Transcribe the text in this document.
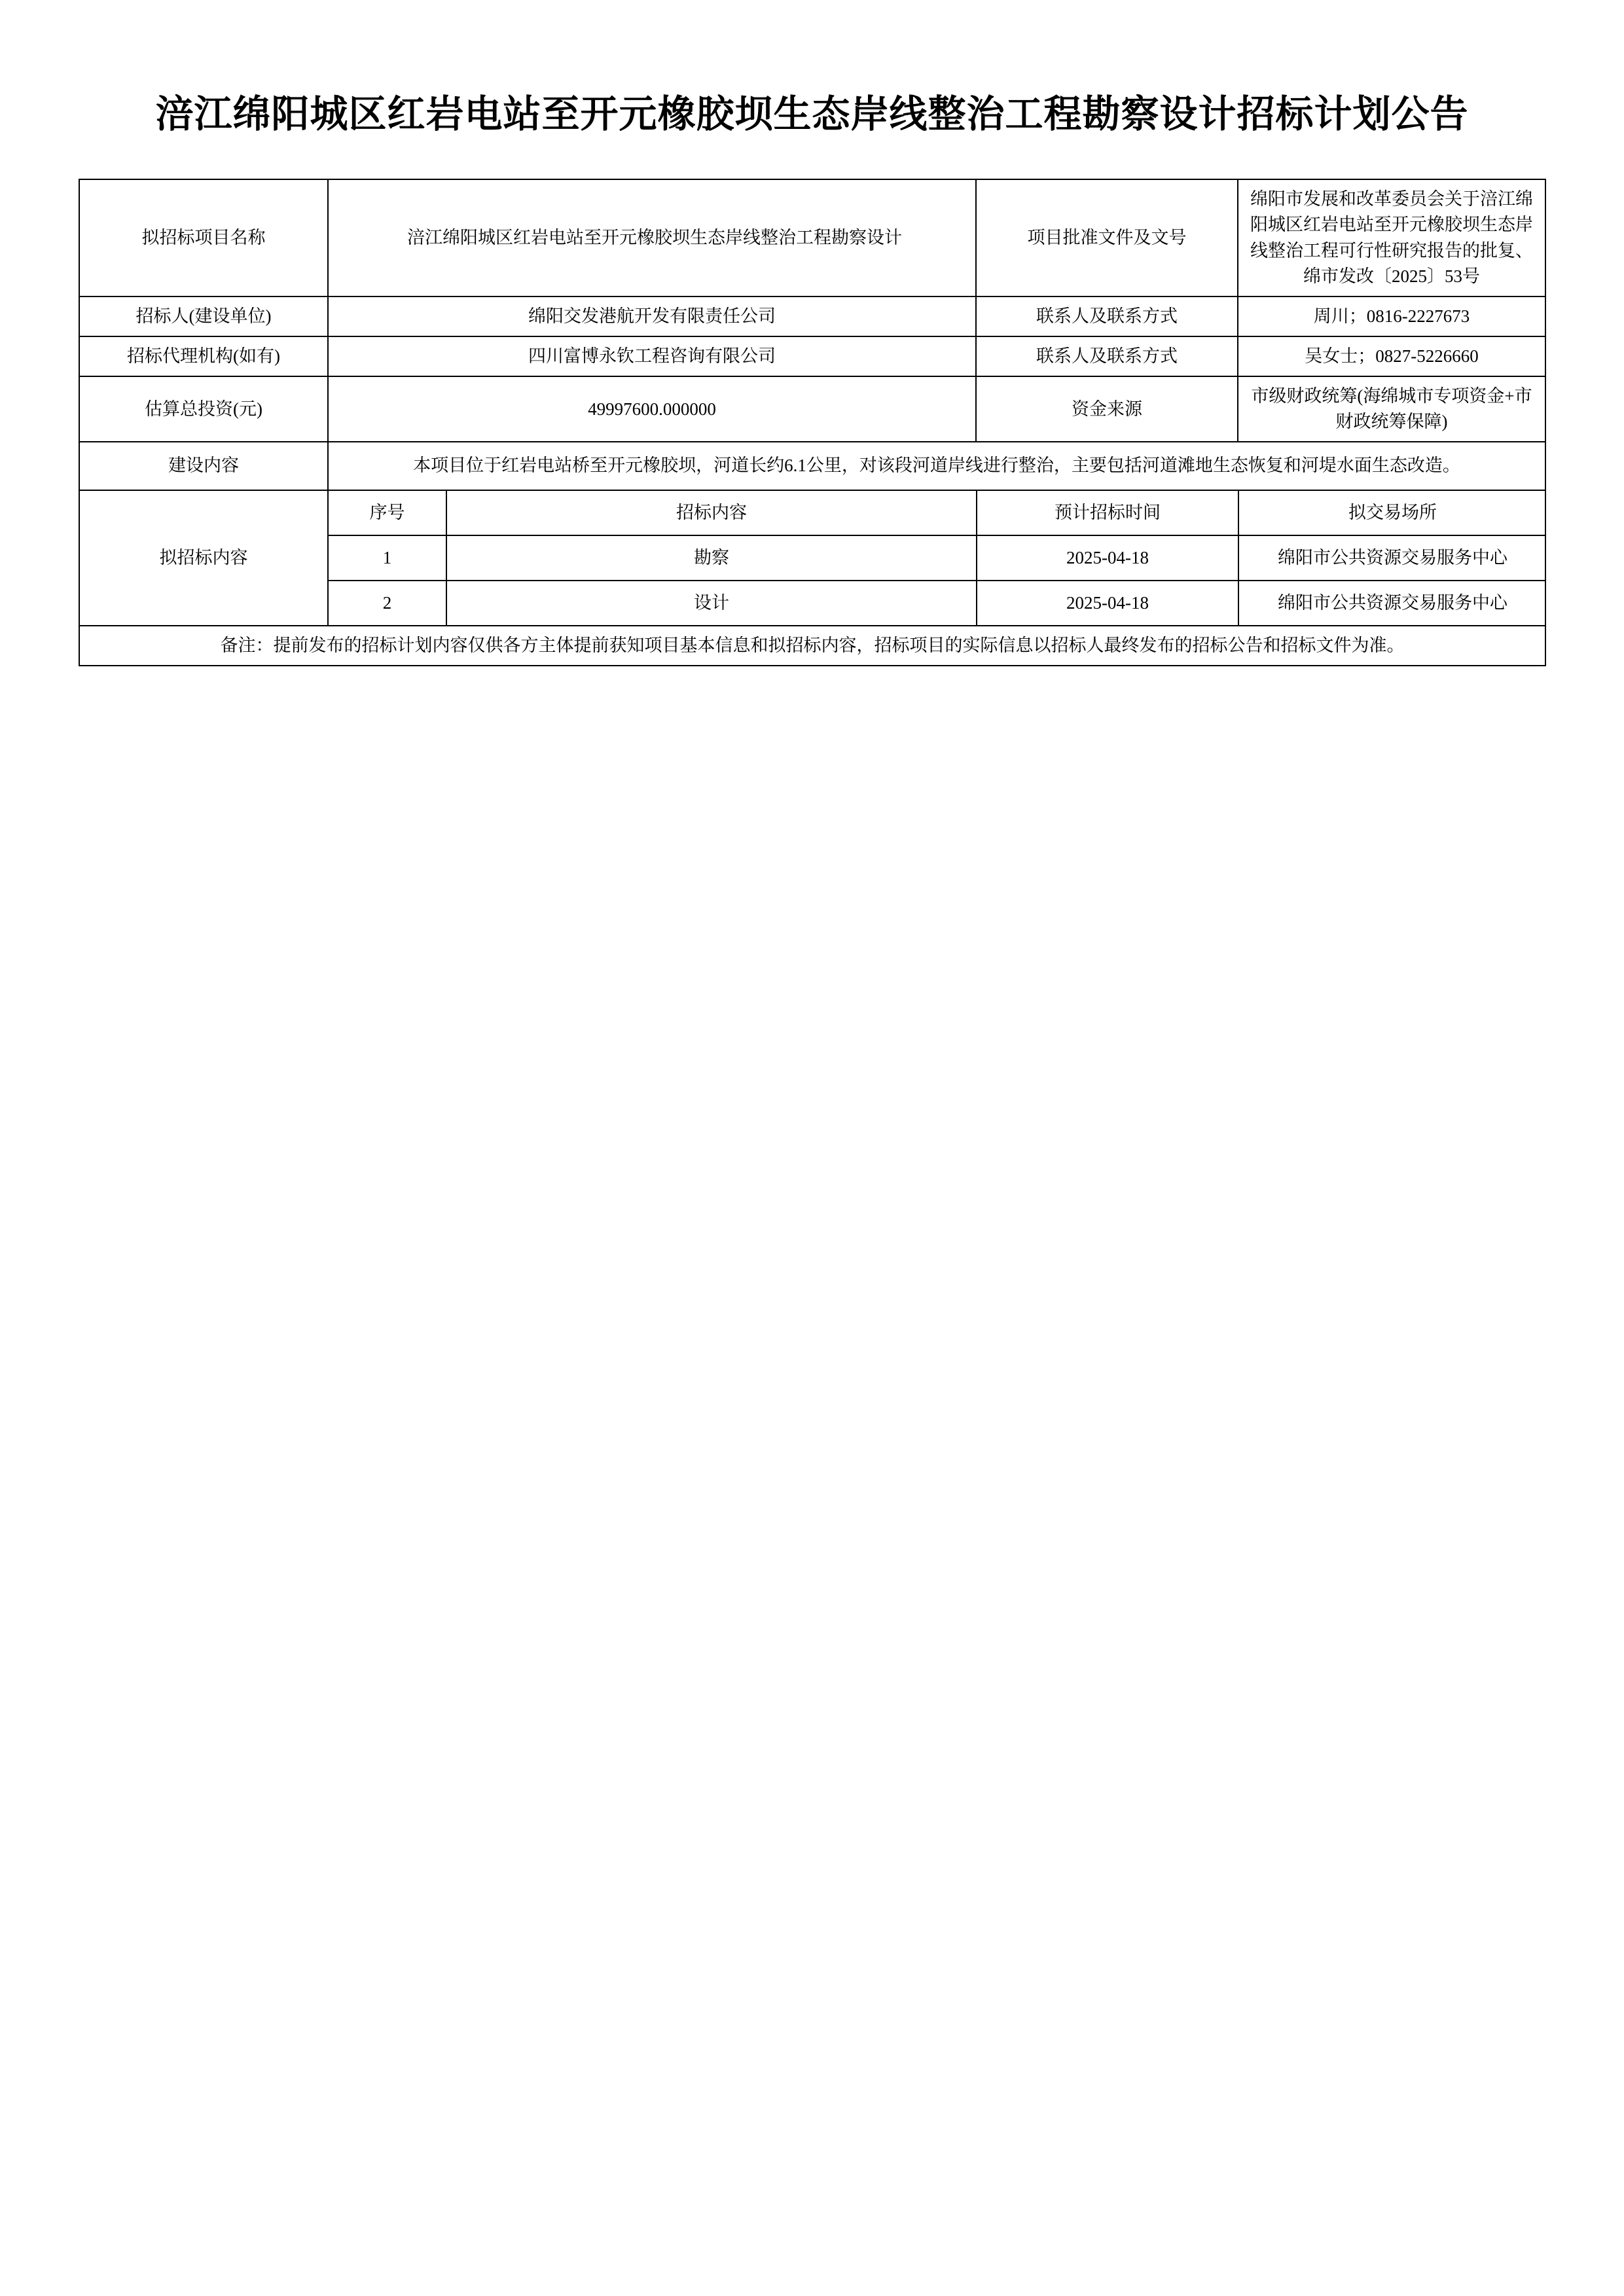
涪江绵阳城区红岩电站至开元橡胶坝生态岸线整治工程勘察设计招标计划公告
拟招标项目名称	涪江绵阳城区红岩电站至开元橡胶坝生态岸线整治工程勘察设计	项目批准文件及文号	绵阳市发展和改革委员会关于涪江绵阳城区红岩电站至开元橡胶坝生态岸线整治工程可行性研究报告的批复、绵市发改〔2025〕53号
招标人(建设单位)	绵阳交发港航开发有限责任公司	联系人及联系方式	周川；0816-2227673
招标代理机构(如有)	四川富博永钦工程咨询有限公司	联系人及联系方式	吴女士；0827-5226660
估算总投资(元)	49997600.000000	资金来源	市级财政统筹(海绵城市专项资金+市财政统筹保障)
建设内容	本项目位于红岩电站桥至开元橡胶坝，河道长约6.1公里，对该段河道岸线进行整治，主要包括河道滩地生态恢复和河堤水面生态改造。
拟招标内容	
序号	招标内容	预计招标时间	拟交易场所
1	勘察	2025-04-18	绵阳市公共资源交易服务中心
2	设计	2025-04-18	绵阳市公共资源交易服务中心

备注：提前发布的招标计划内容仅供各方主体提前获知项目基本信息和拟招标内容，招标项目的实际信息以招标人最终发布的招标公告和招标文件为准。
